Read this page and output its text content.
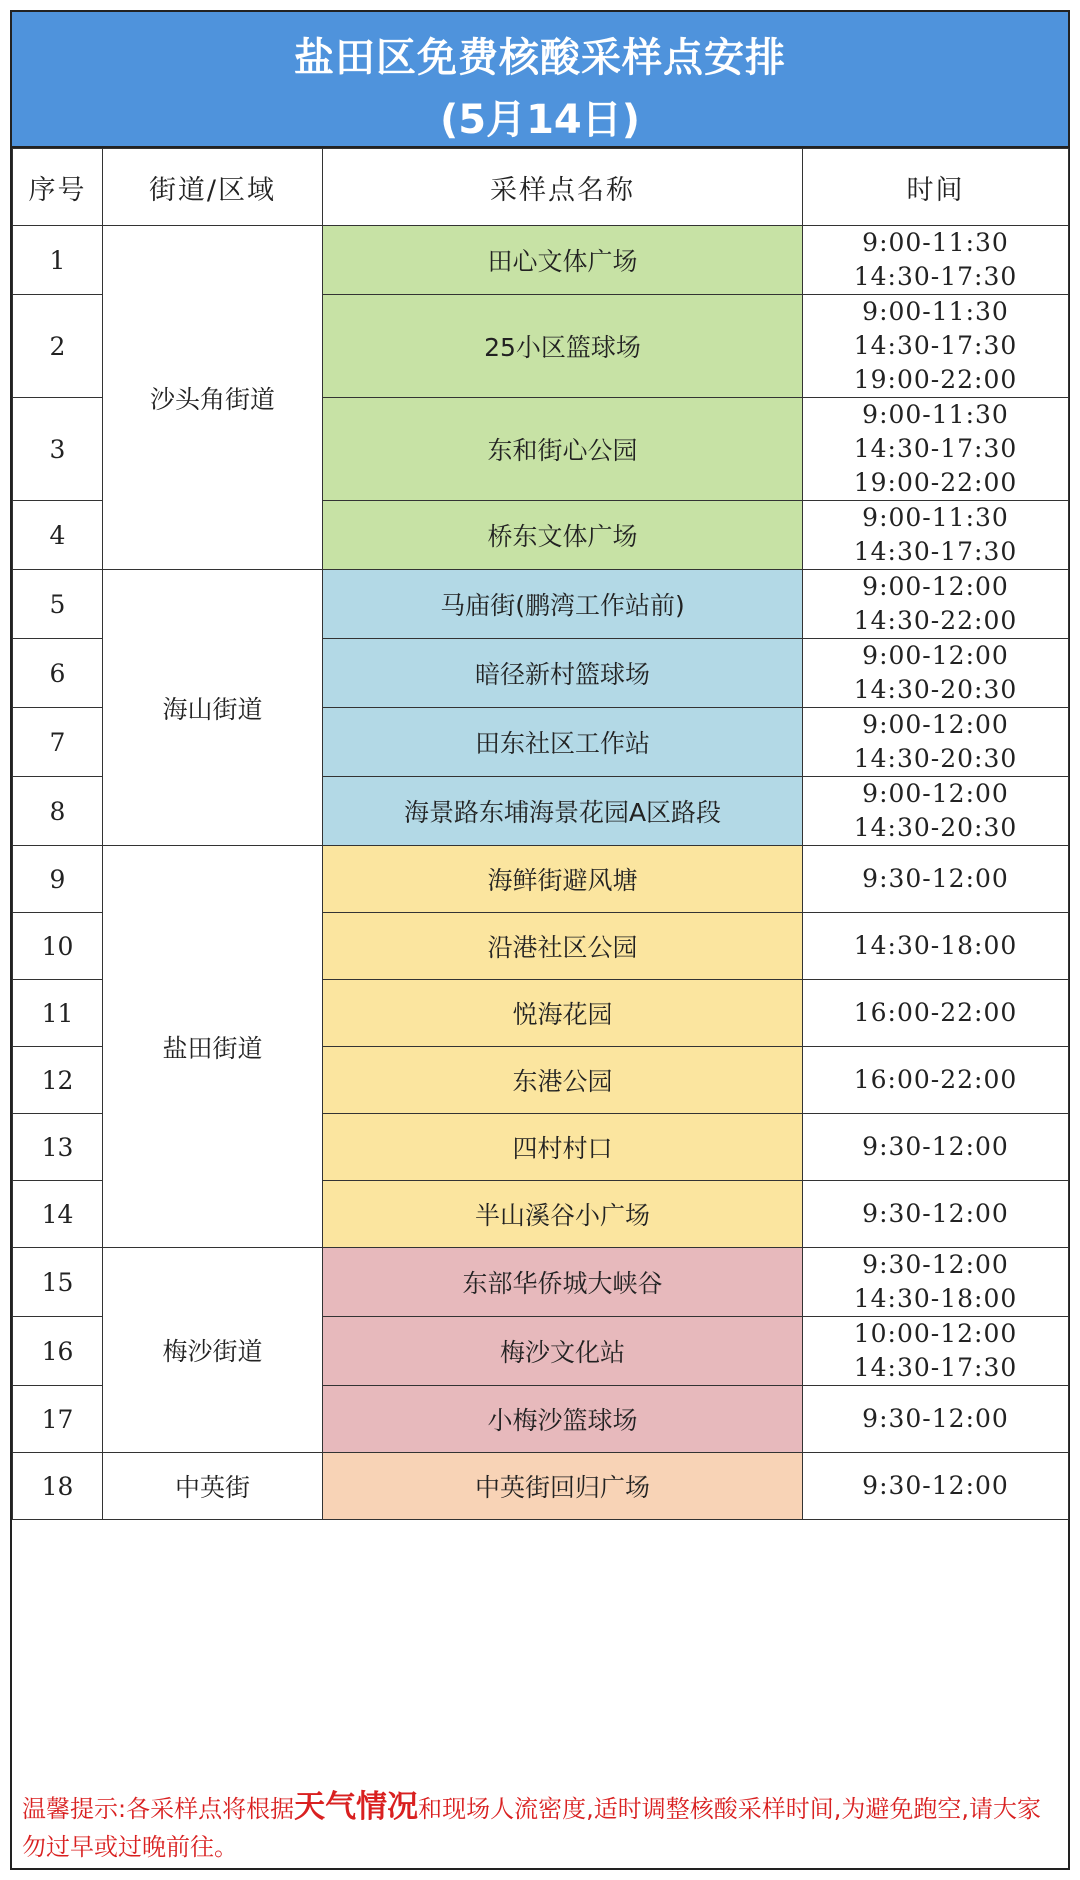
盐田区免费核酸采样点安排
(5月14日)
序号	街道/区域	采样点名称	时间
1	沙头角街道	田心文体广场	9:00-11:30
14:30-17:30

2		25小区篮球场	9:00-11:30
14:30-17:30
19:00-22:00

3		东和街心公园	9:00-11:30
14:30-17:30
19:00-22:00

4		桥东文体广场	9:00-11:30
14:30-17:30

5	海山街道	马庙街(鹏湾工作站前)	9:00-12:00
14:30-22:00

6		暗径新村篮球场	9:00-12:00
14:30-20:30

7		田东社区工作站	9:00-12:00
14:30-20:30

8		海景路东埔海景花园A区路段	9:00-12:00
14:30-20:30

9	盐田街道	海鲜街避风塘	9:30-12:00

10		沿港社区公园	14:30-18:00

11		悦海花园	16:00-22:00

12		东港公园	16:00-22:00

13		四村村口	9:30-12:00

14		半山溪谷小广场	9:30-12:00

15	梅沙街道	东部华侨城大峡谷	9:30-12:00
14:30-18:00

16		梅沙文化站	10:00-12:00
14:30-17:30

17		小梅沙篮球场	9:30-12:00

18	中英街	中英街回归广场	9:30-12:00
温馨提示:各采样点将根据天气情况和现场人流密度,适时调整核酸采样时间,为避免跑空,请大家勿过早或过晚前往。
